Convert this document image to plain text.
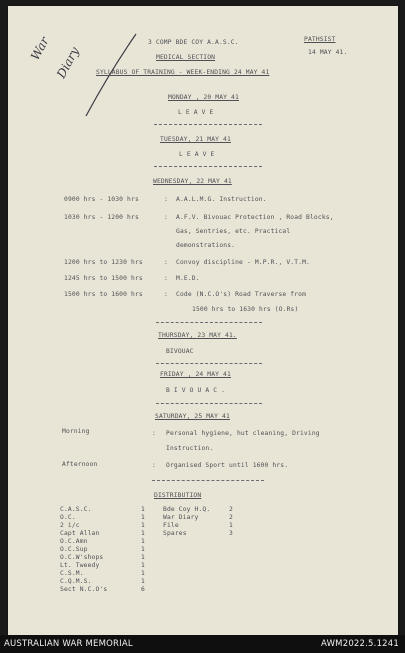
War Diary
3 COMP BDE COY A.A.S.C.	PATHSIST
14 MAY 41.
MEDICAL SECTION
SYLLABUS OF TRAINING - WEEK-ENDING 24 MAY 41
MONDAY , 20 MAY 41
L E A V E
TUESDAY, 21 MAY 41
L E A V E
WEDNESDAY, 22 MAY 41
0900 hrs - 1030 hrs	: A.A.L.M.G. Instruction.
1030 hrs - 1200 hrs	: A.F.V. Bivouac Protection , Road Blocks,
Gas, Sentries, etc. Practical
demonstrations.
1200 hrs to 1230 hrs	: Convoy discipline - M.P.R., V.T.M.
1245 hrs to 1500 hrs	: M.E.D.
1500 hrs to 1600 hrs	: Code (N.C.O's) Road Traverse from
1500 hrs to 1630 hrs (O.Rs)
THURSDAY, 23 MAY 41.
BIVOUAC
FRIDAY , 24 MAY 41
B I V O U A C .
SATURDAY, 25 MAY 41
Morning	: Personal hygiene, hut cleaning, Driving
Instruction.
Afternoon	: Organised Sport until 1600 hrs.
DISTRIBUTION
C.A.S.C.	1
O.C.	1
2 i/c	1
Capt Allan	1
O.C.Amn	1
O.C.Sup	1
O.C.W'shops	1
Lt. Tweedy	1
C.S.M.	1
C.Q.M.S.	1
Sect N.C.O's	6
Bde Coy H.Q.	2
War Diary	2
File	1
Spares	3
AUSTRALIAN WAR MEMORIAL	AWM2022.5.1241
